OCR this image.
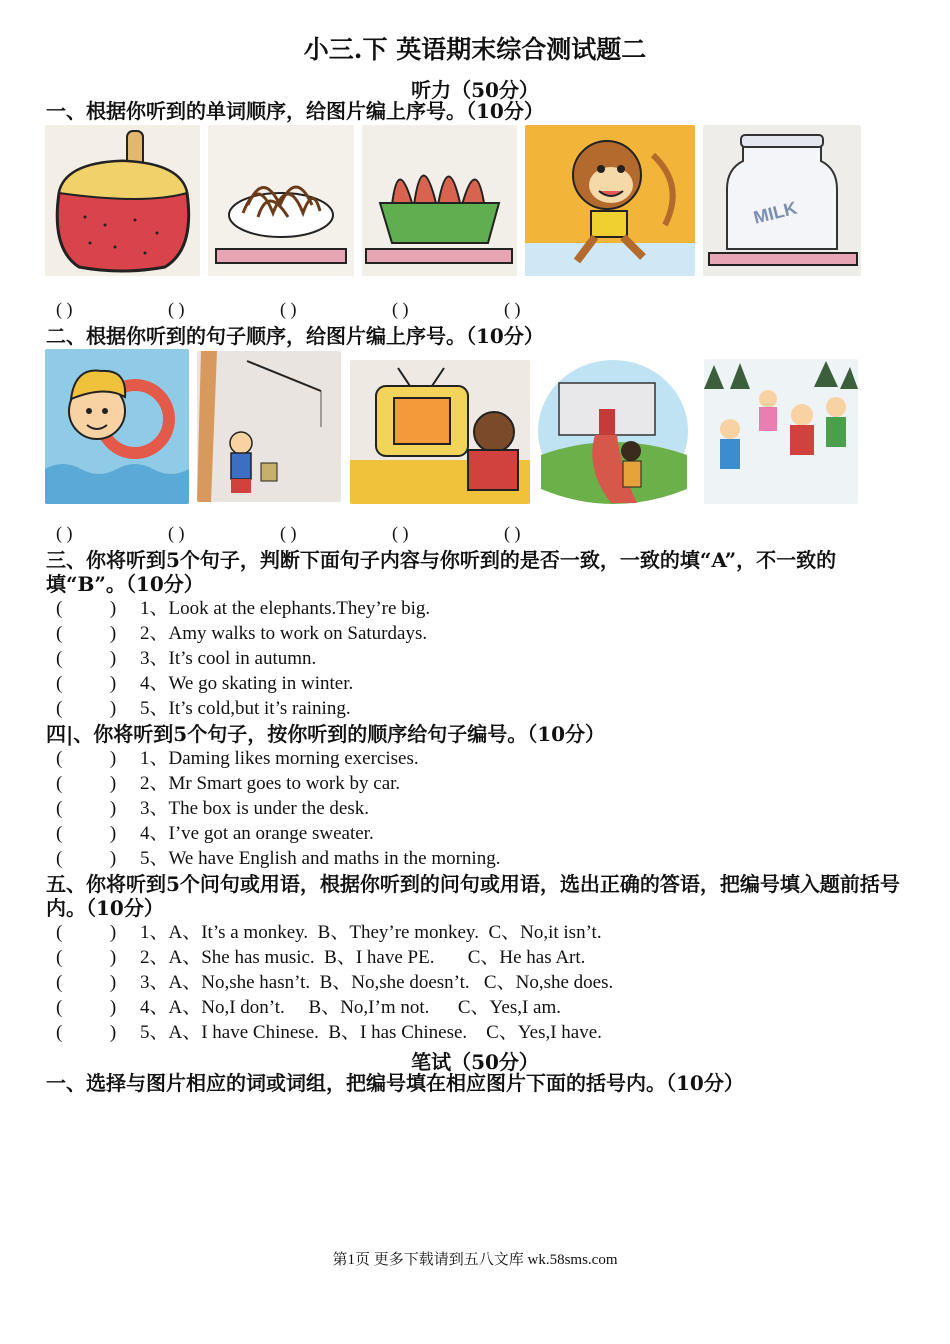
小三.下 英语期末综合测试题二
听力（50分）
一、根据你听到的单词顺序，给图片编上序号。（10分）
MILK
( )	( )	( )	( )	( )
二、根据你听到的句子顺序，给图片编上序号。（10分）
( )	( )	( )	( )	( )
三、你将听到5个句子，判断下面句子内容与你听到的是否一致，一致的填“A”，不一致的填“B”。（10分）
(          ) 1、Look at the elephants.They’re big.
(          ) 2、Amy walks to work on Saturdays.
(          ) 3、It’s cool in autumn.
(          ) 4、We go skating in winter.
(          ) 5、It’s cold,but it’s raining.
四|、你将听到5个句子，按你听到的顺序给句子编号。（10分）
(          ) 1、Daming likes morning exercises.
(          ) 2、Mr Smart goes to work by car.
(          ) 3、The box is under the desk.
(          ) 4、I’ve got an orange sweater.
(          ) 5、We have English and maths in the morning.
五、你将听到5个问句或用语，根据你听到的问句或用语，选出正确的答语，把编号填入题前括号内。（10分）
(          ) 1、A、It’s a monkey.  B、They’re monkey.  C、No,it isn’t.
(          ) 2、A、She has music.  B、I have PE.       C、He has Art.
(          ) 3、A、No,she hasn’t.  B、No,she doesn’t.   C、No,she does.
(          ) 4、A、No,I don’t.     B、No,I’m not.      C、Yes,I am.
(          ) 5、A、I have Chinese.  B、I has Chinese.    C、Yes,I have.
笔试（50分）
一、选择与图片相应的词或词组，把编号填在相应图片下面的括号内。（10分）
第1页 更多下载请到五八文库 wk.58sms.com
